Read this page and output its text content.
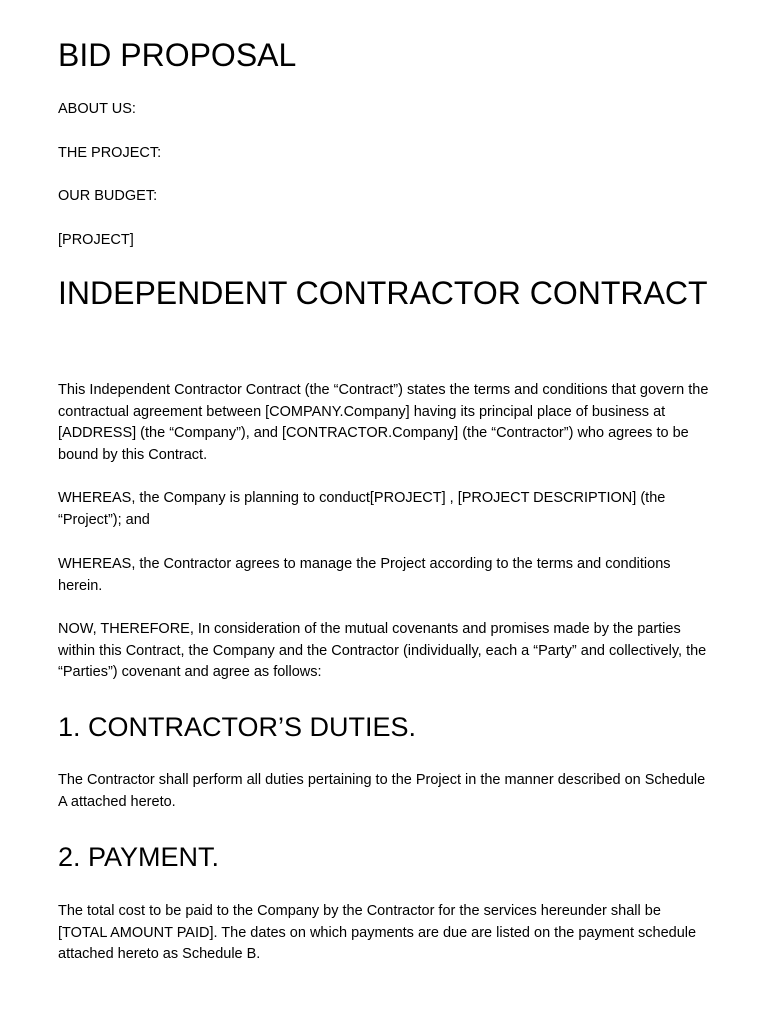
BID PROPOSAL

ABOUT US:

THE PROJECT:

OUR BUDGET:

[PROJECT]

INDEPENDENT CONTRACTOR CONTRACT

This Independent Contractor Contract (the “Contract”) states the terms and conditions that govern the contractual agreement between [COMPANY.Company] having its principal place of business at [ADDRESS] (the “Company”), and [CONTRACTOR.Company] (the “Contractor”) who agrees to be bound by this Contract.

WHEREAS, the Company is planning to conduct[PROJECT] , [PROJECT DESCRIPTION] (the “Project”); and

WHEREAS, the Contractor agrees to manage the Project according to the terms and conditions herein.

NOW, THEREFORE, In consideration of the mutual covenants and promises made by the parties within this Contract, the Company and the Contractor (individually, each a “Party” and collectively, the “Parties”) covenant and agree as follows:

1. CONTRACTOR’S DUTIES.

The Contractor shall perform all duties pertaining to the Project in the manner described on Schedule A attached hereto.

2. PAYMENT.

The total cost to be paid to the Company by the Contractor for the services hereunder shall be [TOTAL AMOUNT PAID]. The dates on which payments are due are listed on the payment schedule attached hereto as Schedule B.
